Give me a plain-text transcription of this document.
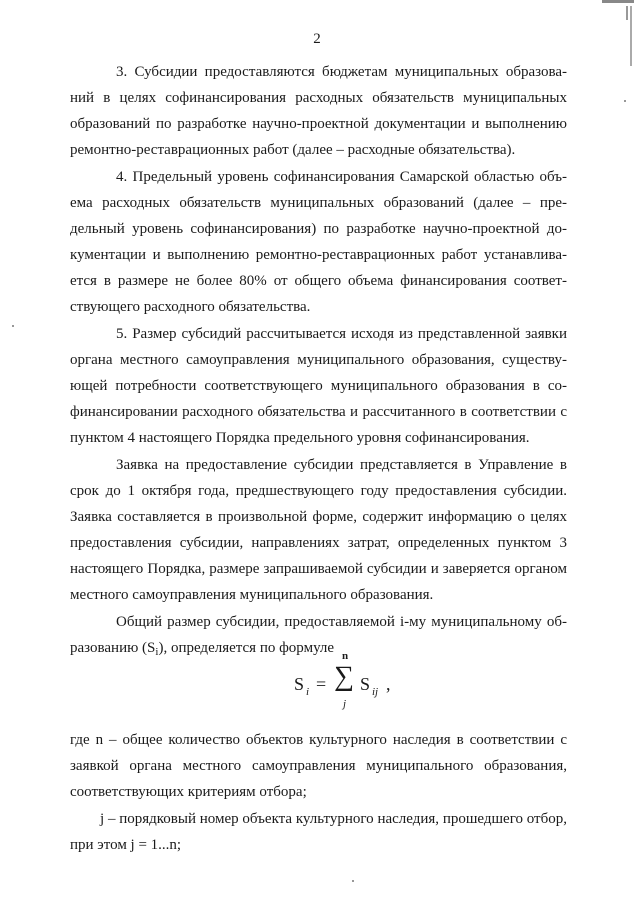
2

3. Субсидии предоставляются бюджетам муниципальных образований в целях софинансирования расходных обязательств муниципальных образований по разработке научно-проектной документации и выполнению ремонтно-реставрационных работ (далее – расходные обязательства).

4. Предельный уровень софинансирования Самарской областью объема расходных обязательств муниципальных образований (далее – предельный уровень софинансирования) по разработке научно-проектной документации и выполнению ремонтно-реставрационных работ устанавливается в размере не более 80% от общего объема финансирования соответствующего расходного обязательства.

5. Размер субсидий рассчитывается исходя из представленной заявки органа местного самоуправления муниципального образования, существующей потребности соответствующего муниципального образования в софинансировании расходного обязательства и рассчитанного в соответствии с пунктом 4 настоящего Порядка предельного уровня софинансирования.

Заявка на предоставление субсидии представляется в Управление в срок до 1 октября года, предшествующего году предоставления субсидии. Заявка составляется в произвольной форме, содержит информацию о целях предоставления субсидии, направлениях затрат, определенных пунктом 3 настоящего Порядка, размере запрашиваемой субсидии и заверяется органом местного самоуправления муниципального образования.

Общий размер субсидии, предоставляемой i-му муниципальному образованию $(S_i)$, определяется по формуле

S i =
n
∑
j
S ij ,

где n – общее количество объектов культурного наследия в соответствии с заявкой органа местного самоуправления муниципального образования, соответствующих критериям отбора;

j – порядковый номер объекта культурного наследия, прошедшего отбор, при этом j = 1...n;
